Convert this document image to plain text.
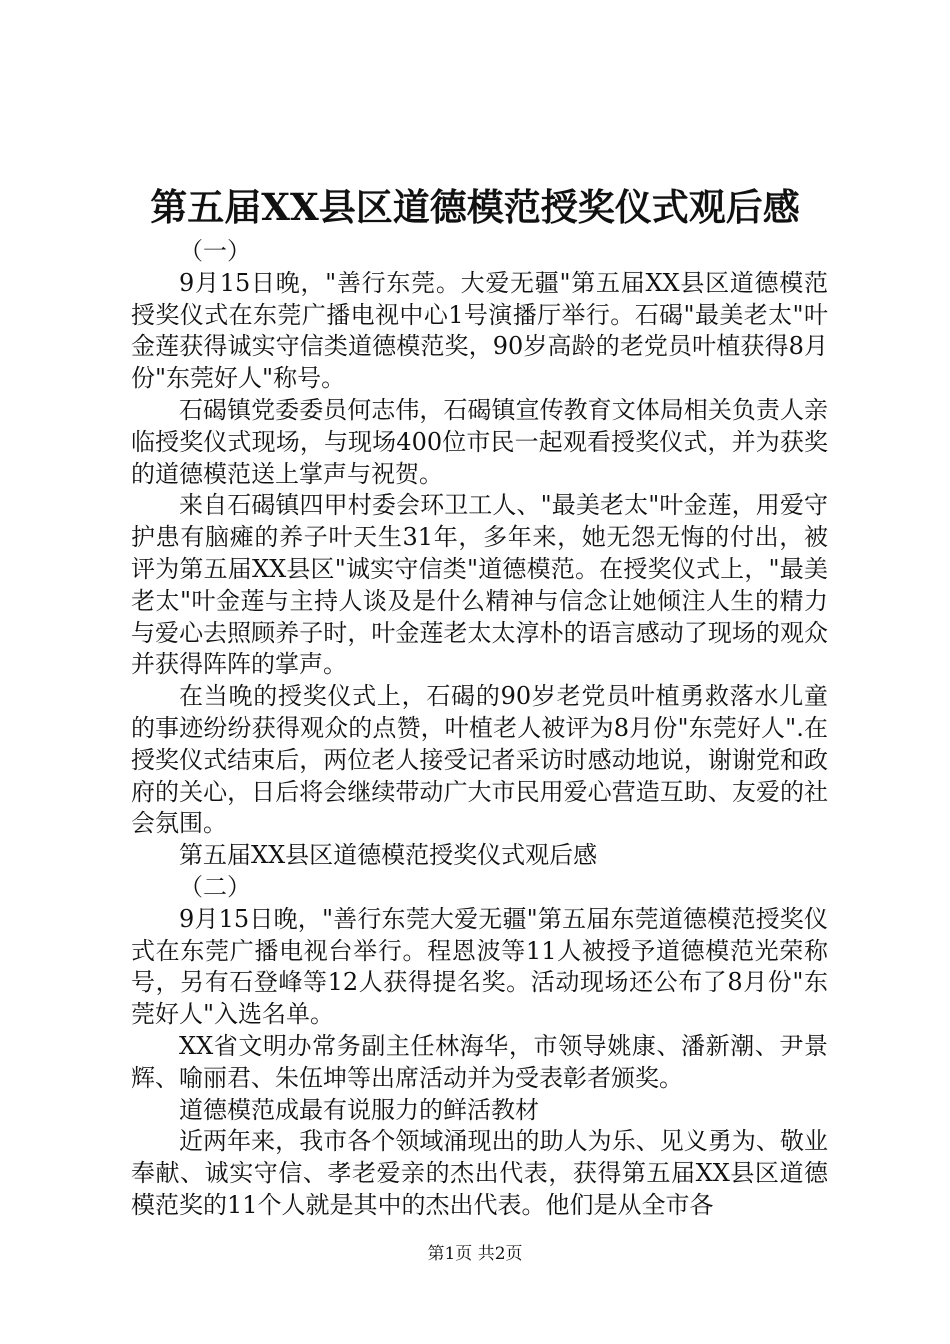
第五届XX县区道德模范授奖仪式观后感

（一）

9月15日晚，"善行东莞。大爱无疆"第五届XX县区道德模范授奖仪式在东莞广播电视中心1号演播厅举行。石碣"最美老太"叶金莲获得诚实守信类道德模范奖，90岁高龄的老党员叶植获得8月份"东莞好人"称号。

石碣镇党委委员何志伟，石碣镇宣传教育文体局相关负责人亲临授奖仪式现场，与现场400位市民一起观看授奖仪式，并为获奖的道德模范送上掌声与祝贺。

来自石碣镇四甲村委会环卫工人、"最美老太"叶金莲，用爱守护患有脑瘫的养子叶天生31年，多年来，她无怨无悔的付出，被评为第五届XX县区"诚实守信类"道德模范。在授奖仪式上，"最美老太"叶金莲与主持人谈及是什么精神与信念让她倾注人生的精力与爱心去照顾养子时，叶金莲老太太淳朴的语言感动了现场的观众并获得阵阵的掌声。

在当晚的授奖仪式上，石碣的90岁老党员叶植勇救落水儿童的事迹纷纷获得观众的点赞，叶植老人被评为8月份"东莞好人".在授奖仪式结束后，两位老人接受记者采访时感动地说，谢谢党和政府的关心，日后将会继续带动广大市民用爱心营造互助、友爱的社会氛围。

第五届XX县区道德模范授奖仪式观后感

（二）

9月15日晚，"善行东莞大爱无疆"第五届东莞道德模范授奖仪式在东莞广播电视台举行。程恩波等11人被授予道德模范光荣称号，另有石登峰等12人获得提名奖。活动现场还公布了8月份"东莞好人"入选名单。

XX省文明办常务副主任林海华，市领导姚康、潘新潮、尹景辉、喻丽君、朱伍坤等出席活动并为受表彰者颁奖。

道德模范成最有说服力的鲜活教材

近两年来，我市各个领域涌现出的助人为乐、见义勇为、敬业奉献、诚实守信、孝老爱亲的杰出代表，获得第五届XX县区道德模范奖的11个人就是其中的杰出代表。他们是从全市各

第1页 共2页
